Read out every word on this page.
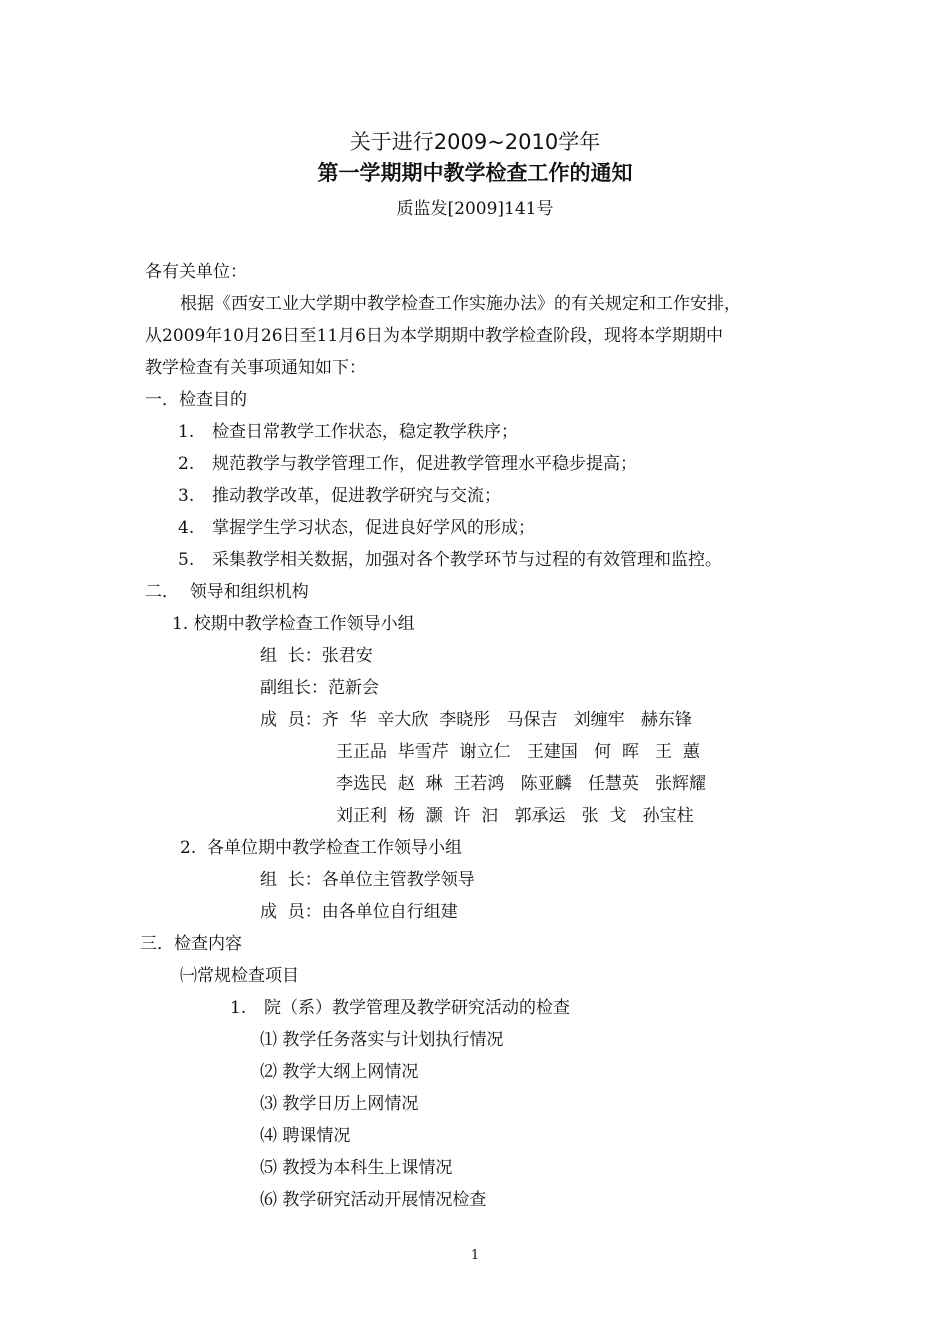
关于进行2009~2010学年
第一学期期中教学检查工作的通知
质监发[2009]141号
各有关单位：
根据《西安工业大学期中教学检查工作实施办法》的有关规定和工作安排，
从2009年10月26日至11月6日为本学期期中教学检查阶段，现将本学期期中
教学检查有关事项通知如下：
一．检查目的
1. 检查日常教学工作状态，稳定教学秩序；
2. 规范教学与教学管理工作，促进教学管理水平稳步提高；
3. 推动教学改革，促进教学研究与交流；
4. 掌握学生学习状态，促进良好学风的形成；
5. 采集教学相关数据，加强对各个教学环节与过程的有效管理和监控。
二．  领导和组织机构
1. 校期中教学检查工作领导小组
组  长：张君安
副组长：范新会
成  员：齐  华  辛大欣  李晓彤   马保吉   刘缠牢   赫东锋
王正品  毕雪芹  谢立仁   王建国   何  晖   王  蕙
李选民  赵  琳  王若鸿   陈亚麟   任慧英   张辉耀
刘正利  杨  灏  许  汩   郭承运   张  戈   孙宝柱
2.  各单位期中教学检查工作领导小组
组  长：各单位主管教学领导
成  员：由各单位自行组建
三．检查内容
㈠常规检查项目
1. 院（系）教学管理及教学研究活动的检查
⑴ 教学任务落实与计划执行情况
⑵ 教学大纲上网情况
⑶ 教学日历上网情况
⑷ 聘课情况
⑸ 教授为本科生上课情况
⑹ 教学研究活动开展情况检查
1
